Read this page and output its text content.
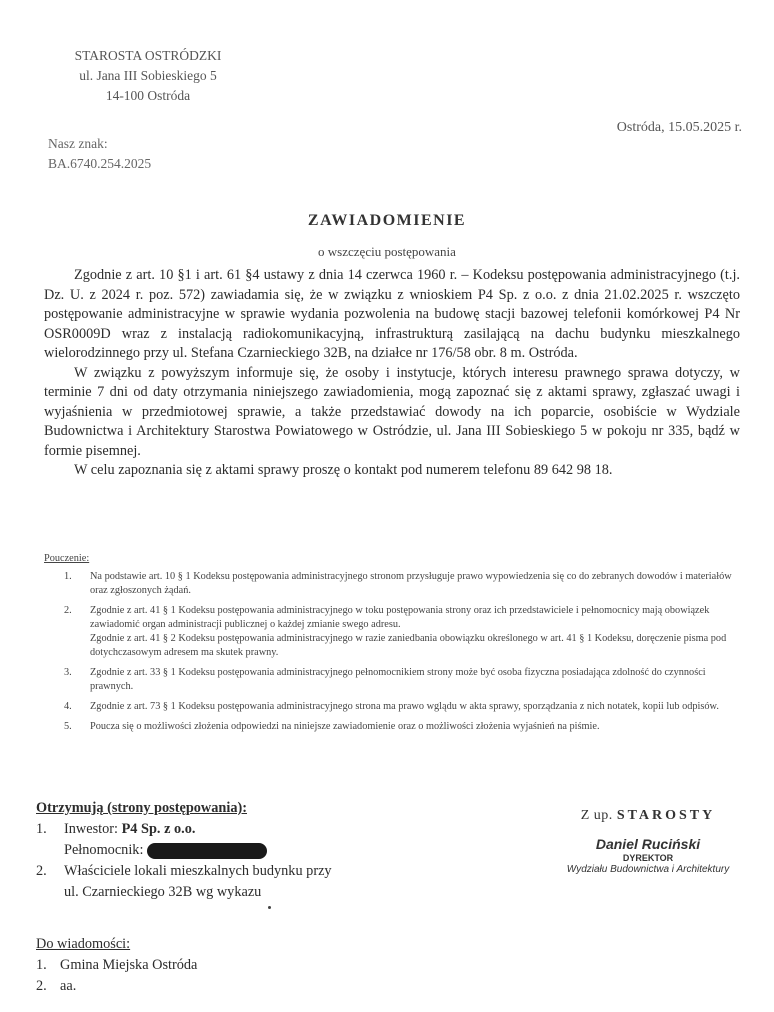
STAROSTA OSTRÓDZKI
ul. Jana III Sobieskiego 5
14-100 Ostróda
Ostróda, 15.05.2025 r.
Nasz znak:
BA.6740.254.2025
ZAWIADOMIENIE
o wszczęciu postępowania

Zgodnie z art. 10 §1 i art. 61 §4 ustawy z dnia 14 czerwca 1960 r. – Kodeksu postępowania administracyjnego (t.j. Dz. U. z 2024 r. poz. 572) zawiadamia się, że w związku z wnioskiem P4 Sp. z o.o. z dnia 21.02.2025 r. wszczęto postępowanie administracyjne w sprawie wydania pozwolenia na budowę stacji bazowej telefonii komórkowej P4 Nr OSR0009D wraz z instalacją radiokomunikacyjną, infrastrukturą zasilającą na dachu budynku mieszkalnego wielorodzinnego przy ul. Stefana Czarnieckiego 32B, na działce nr 176/58 obr. 8 m. Ostróda.

W związku z powyższym informuje się, że osoby i instytucje, których interesu prawnego sprawa dotyczy, w terminie 7 dni od daty otrzymania niniejszego zawiadomienia, mogą zapoznać się z aktami sprawy, zgłaszać uwagi i wyjaśnienia w przedmiotowej sprawie, a także przedstawiać dowody na ich poparcie, osobiście w Wydziale Budownictwa i Architektury Starostwa Powiatowego w Ostródzie, ul. Jana III Sobieskiego 5 w pokoju nr 335, bądź w formie pisemnej.

W celu zapoznania się z aktami sprawy proszę o kontakt pod numerem telefonu 89 642 98 18.

Pouczenie:
1. Na podstawie art. 10 § 1 Kodeksu postępowania administracyjnego stronom przysługuje prawo wypowiedzenia się co do zebranych dowodów i materiałów oraz zgłoszonych żądań.

2. Zgodnie z art. 41 § 1 Kodeksu postępowania administracyjnego w toku postępowania strony oraz ich przedstawiciele i pełnomocnicy mają obowiązek zawiadomić organ administracji publicznej o każdej zmianie swego adresu.

Zgodnie z art. 41 § 2 Kodeksu postępowania administracyjnego w razie zaniedbania obowiązku określonego w art. 41 § 1 Kodeksu, doręczenie pisma pod dotychczasowym adresem ma skutek prawny.

3. Zgodnie z art. 33 § 1 Kodeksu postępowania administracyjnego pełnomocnikiem strony może być osoba fizyczna posiadająca zdolność do czynności prawnych.

4. Zgodnie z art. 73 § 1 Kodeksu postępowania administracyjnego strona ma prawo wglądu w akta sprawy, sporządzania z nich notatek, kopii lub odpisów.

5. Poucza się o możliwości złożenia odpowiedzi na niniejsze zawiadomienie oraz o możliwości złożenia wyjaśnień na piśmie.

Otrzymują (strony postępowania):
1. Inwestor: P4 Sp. z o.o.
Pełnomocnik:
2. Właściciele lokali mieszkalnych budynku przy
ul. Czarnieckiego 32B wg wykazu
Z up. STAROSTY
Daniel Ruciński
DYREKTOR
Wydziału Budownictwa i Architektury
Do wiadomości:
1. Gmina Miejska Ostróda
2. aa.
